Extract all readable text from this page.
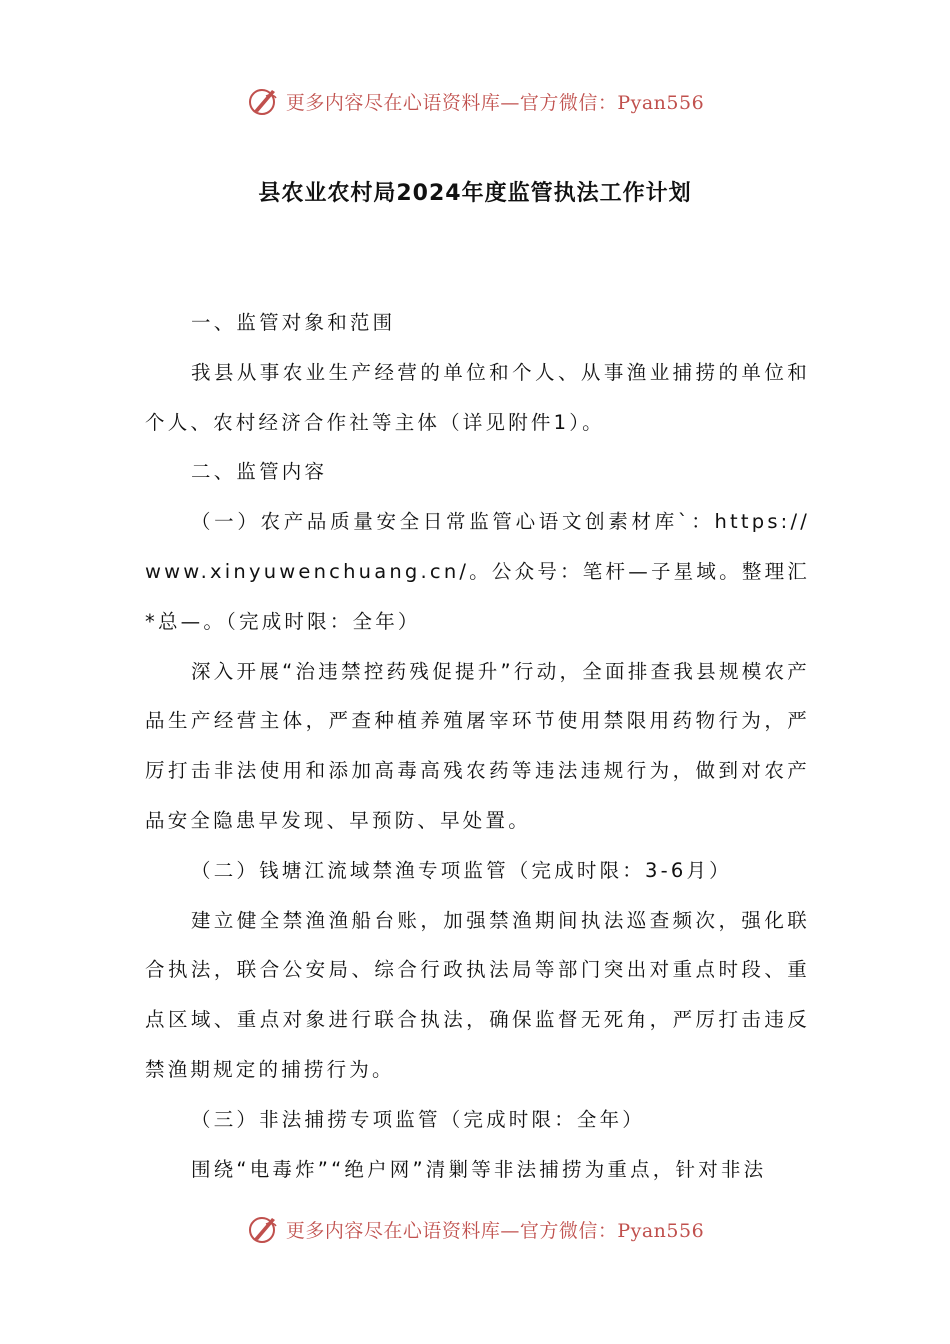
更多内容尽在心语资料库—官方微信：Pyan556
县农业农村局2024年度监管执法工作计划

一、监管对象和范围

我县从事农业生产经营的单位和个人、从事渔业捕捞的单位和个人、农村经济合作社等主体（详见附件1）。

二、监管内容

（一）农产品质量安全日常监管心语文创素材库`：https://www.xinyuwenchuang.cn/。公众号：笔杆—子星域。整理汇*总—。（完成时限：全年）

深入开展“治违禁控药残促提升”行动，全面排查我县规模农产品生产经营主体，严查种植养殖屠宰环节使用禁限用药物行为，严厉打击非法使用和添加高毒高残农药等违法违规行为，做到对农产品安全隐患早发现、早预防、早处置。

（二）钱塘江流域禁渔专项监管（完成时限：3-6月）

建立健全禁渔渔船台账，加强禁渔期间执法巡查频次，强化联合执法，联合公安局、综合行政执法局等部门突出对重点时段、重点区域、重点对象进行联合执法，确保监督无死角，严厉打击违反禁渔期规定的捕捞行为。

（三）非法捕捞专项监管（完成时限：全年）

围绕“电毒炸”“绝户网”清剿等非法捕捞为重点，针对非法

更多内容尽在心语资料库—官方微信：Pyan556
